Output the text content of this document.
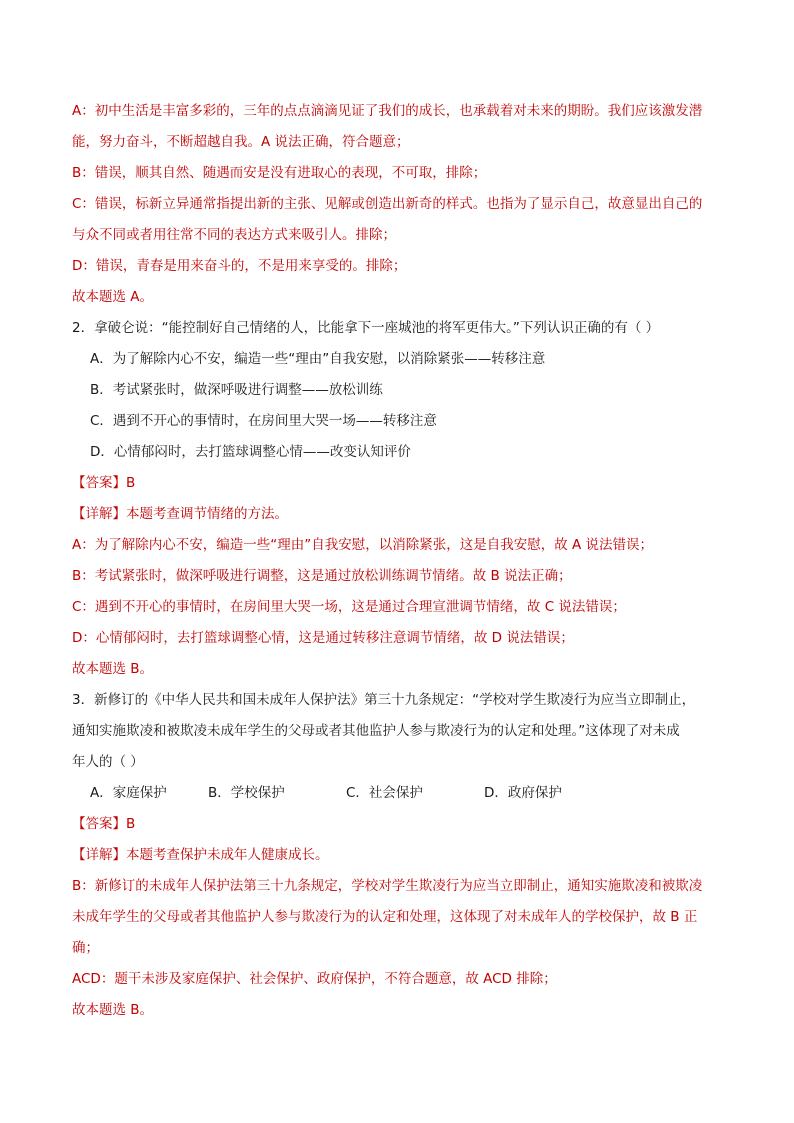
A：初中生活是丰富多彩的，三年的点点滴滴见证了我们的成长，也承载着对未来的期盼。我们应该激发潜
能，努力奋斗，不断超越自我。A 说法正确，符合题意；
B：错误，顺其自然、随遇而安是没有进取心的表现，不可取，排除；
C：错误，标新立异通常指提出新的主张、见解或创造出新奇的样式。也指为了显示自己，故意显出自己的
与众不同或者用往常不同的表达方式来吸引人。排除；
D：错误，青春是用来奋斗的，不是用来享受的。排除；
故本题选 A。
2．拿破仑说：“能控制好自己情绪的人，比能拿下一座城池的将军更伟大。”下列认识正确的有（ ）
A．为了解除内心不安，编造一些“理由”自我安慰，以消除紧张——转移注意
B．考试紧张时，做深呼吸进行调整——放松训练
C．遇到不开心的事情时，在房间里大哭一场——转移注意
D．心情郁闷时，去打篮球调整心情——改变认知评价
【答案】B
【详解】本题考查调节情绪的方法。
A：为了解除内心不安，编造一些“理由”自我安慰，以消除紧张，这是自我安慰，故 A 说法错误；
B：考试紧张时，做深呼吸进行调整，这是通过放松训练调节情绪。故 B 说法正确；
C：遇到不开心的事情时，在房间里大哭一场，这是通过合理宣泄调节情绪，故 C 说法错误；
D：心情郁闷时，去打篮球调整心情，这是通过转移注意调节情绪，故 D 说法错误；
故本题选 B。
3．新修订的《中华人民共和国未成年人保护法》第三十九条规定：“学校对学生欺凌行为应当立即制止，
通知实施欺凌和被欺凌未成年学生的父母或者其他监护人参与欺凌行为的认定和处理。”这体现了对未成
年人的（ ）
A．家庭保护	B．学校保护	C．社会保护	D．政府保护
【答案】B
【详解】本题考查保护未成年人健康成长。
B：新修订的未成年人保护法第三十九条规定，学校对学生欺凌行为应当立即制止，通知实施欺凌和被欺凌
未成年学生的父母或者其他监护人参与欺凌行为的认定和处理，这体现了对未成年人的学校保护，故 B 正
确；
ACD：题干未涉及家庭保护、社会保护、政府保护，不符合题意，故 ACD 排除；
故本题选 B。
